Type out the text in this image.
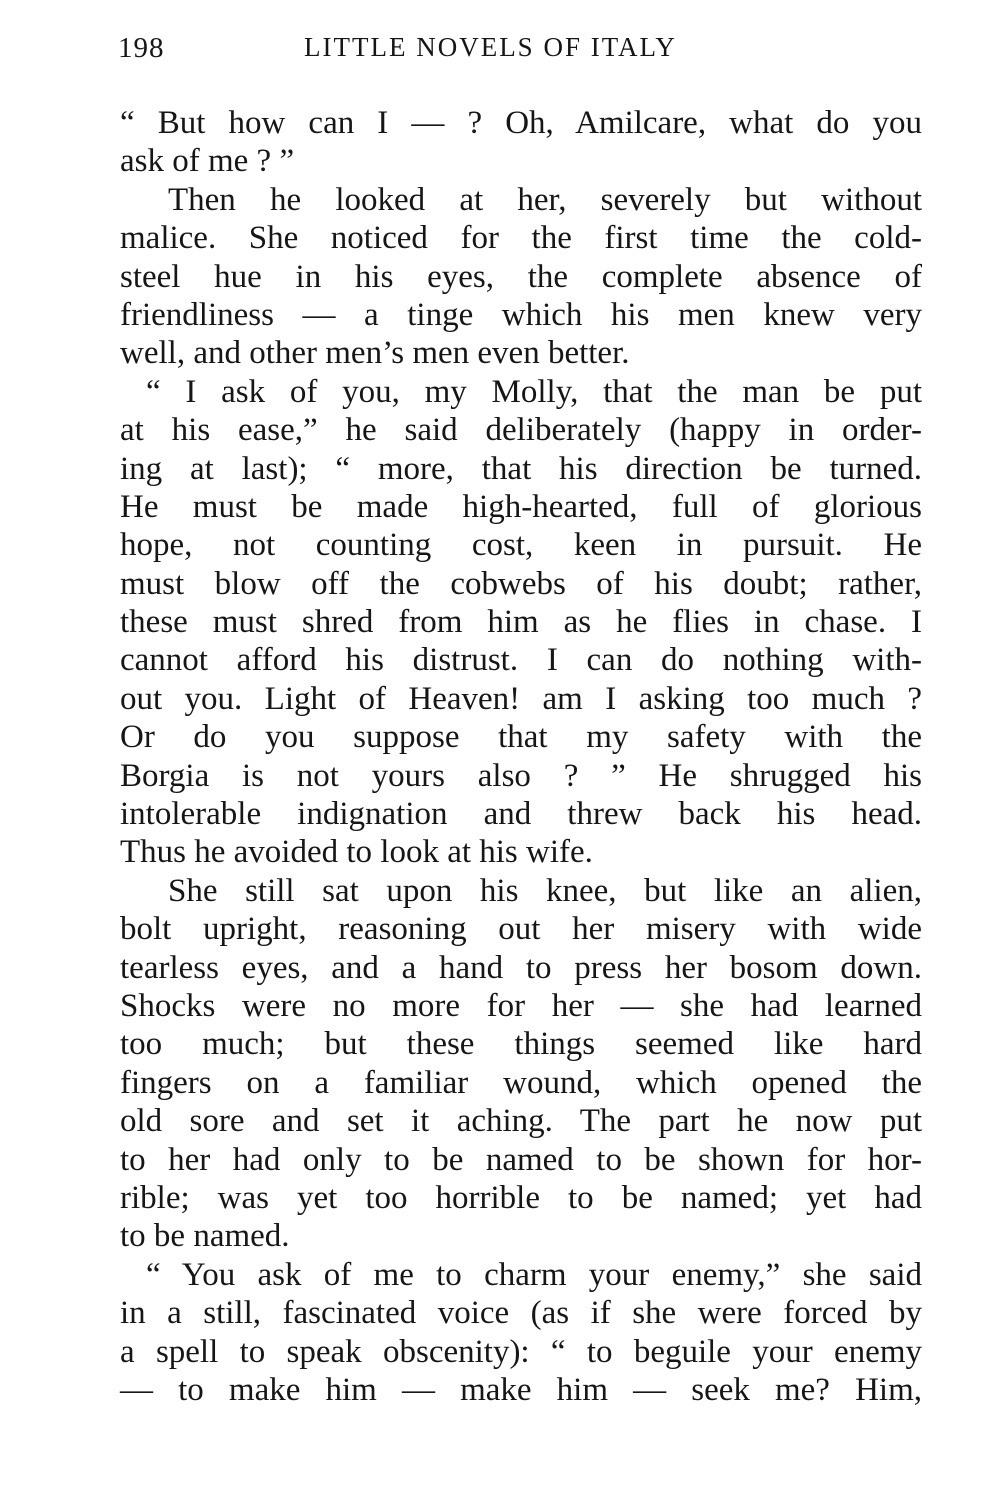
198	LITTLE NOVELS OF ITALY
“ But how can I — ? Oh, Amilcare, what do you
ask of me ? ”
Then he looked at her, severely but without
malice. She noticed for the first time the cold-
steel hue in his eyes, the complete absence of
friendliness — a tinge which his men knew very
well, and other men’s men even better.
“ I ask of you, my Molly, that the man be put
at his ease,” he said deliberately (happy in order-
ing at last); “ more, that his direction be turned.
He must be made high-hearted, full of glorious
hope, not counting cost, keen in pursuit. He
must blow off the cobwebs of his doubt; rather,
these must shred from him as he flies in chase. I
cannot afford his distrust. I can do nothing with-
out you. Light of Heaven! am I asking too much ?
Or do you suppose that my safety with the
Borgia is not yours also ? ” He shrugged his
intolerable indignation and threw back his head.
Thus he avoided to look at his wife.
She still sat upon his knee, but like an alien,
bolt upright, reasoning out her misery with wide
tearless eyes, and a hand to press her bosom down.
Shocks were no more for her — she had learned
too much; but these things seemed like hard
fingers on a familiar wound, which opened the
old sore and set it aching. The part he now put
to her had only to be named to be shown for hor-
rible; was yet too horrible to be named; yet had
to be named.
“ You ask of me to charm your enemy,” she said
in a still, fascinated voice (as if she were forced by
a spell to speak obscenity): “ to beguile your enemy
— to make him — make him — seek me? Him,
